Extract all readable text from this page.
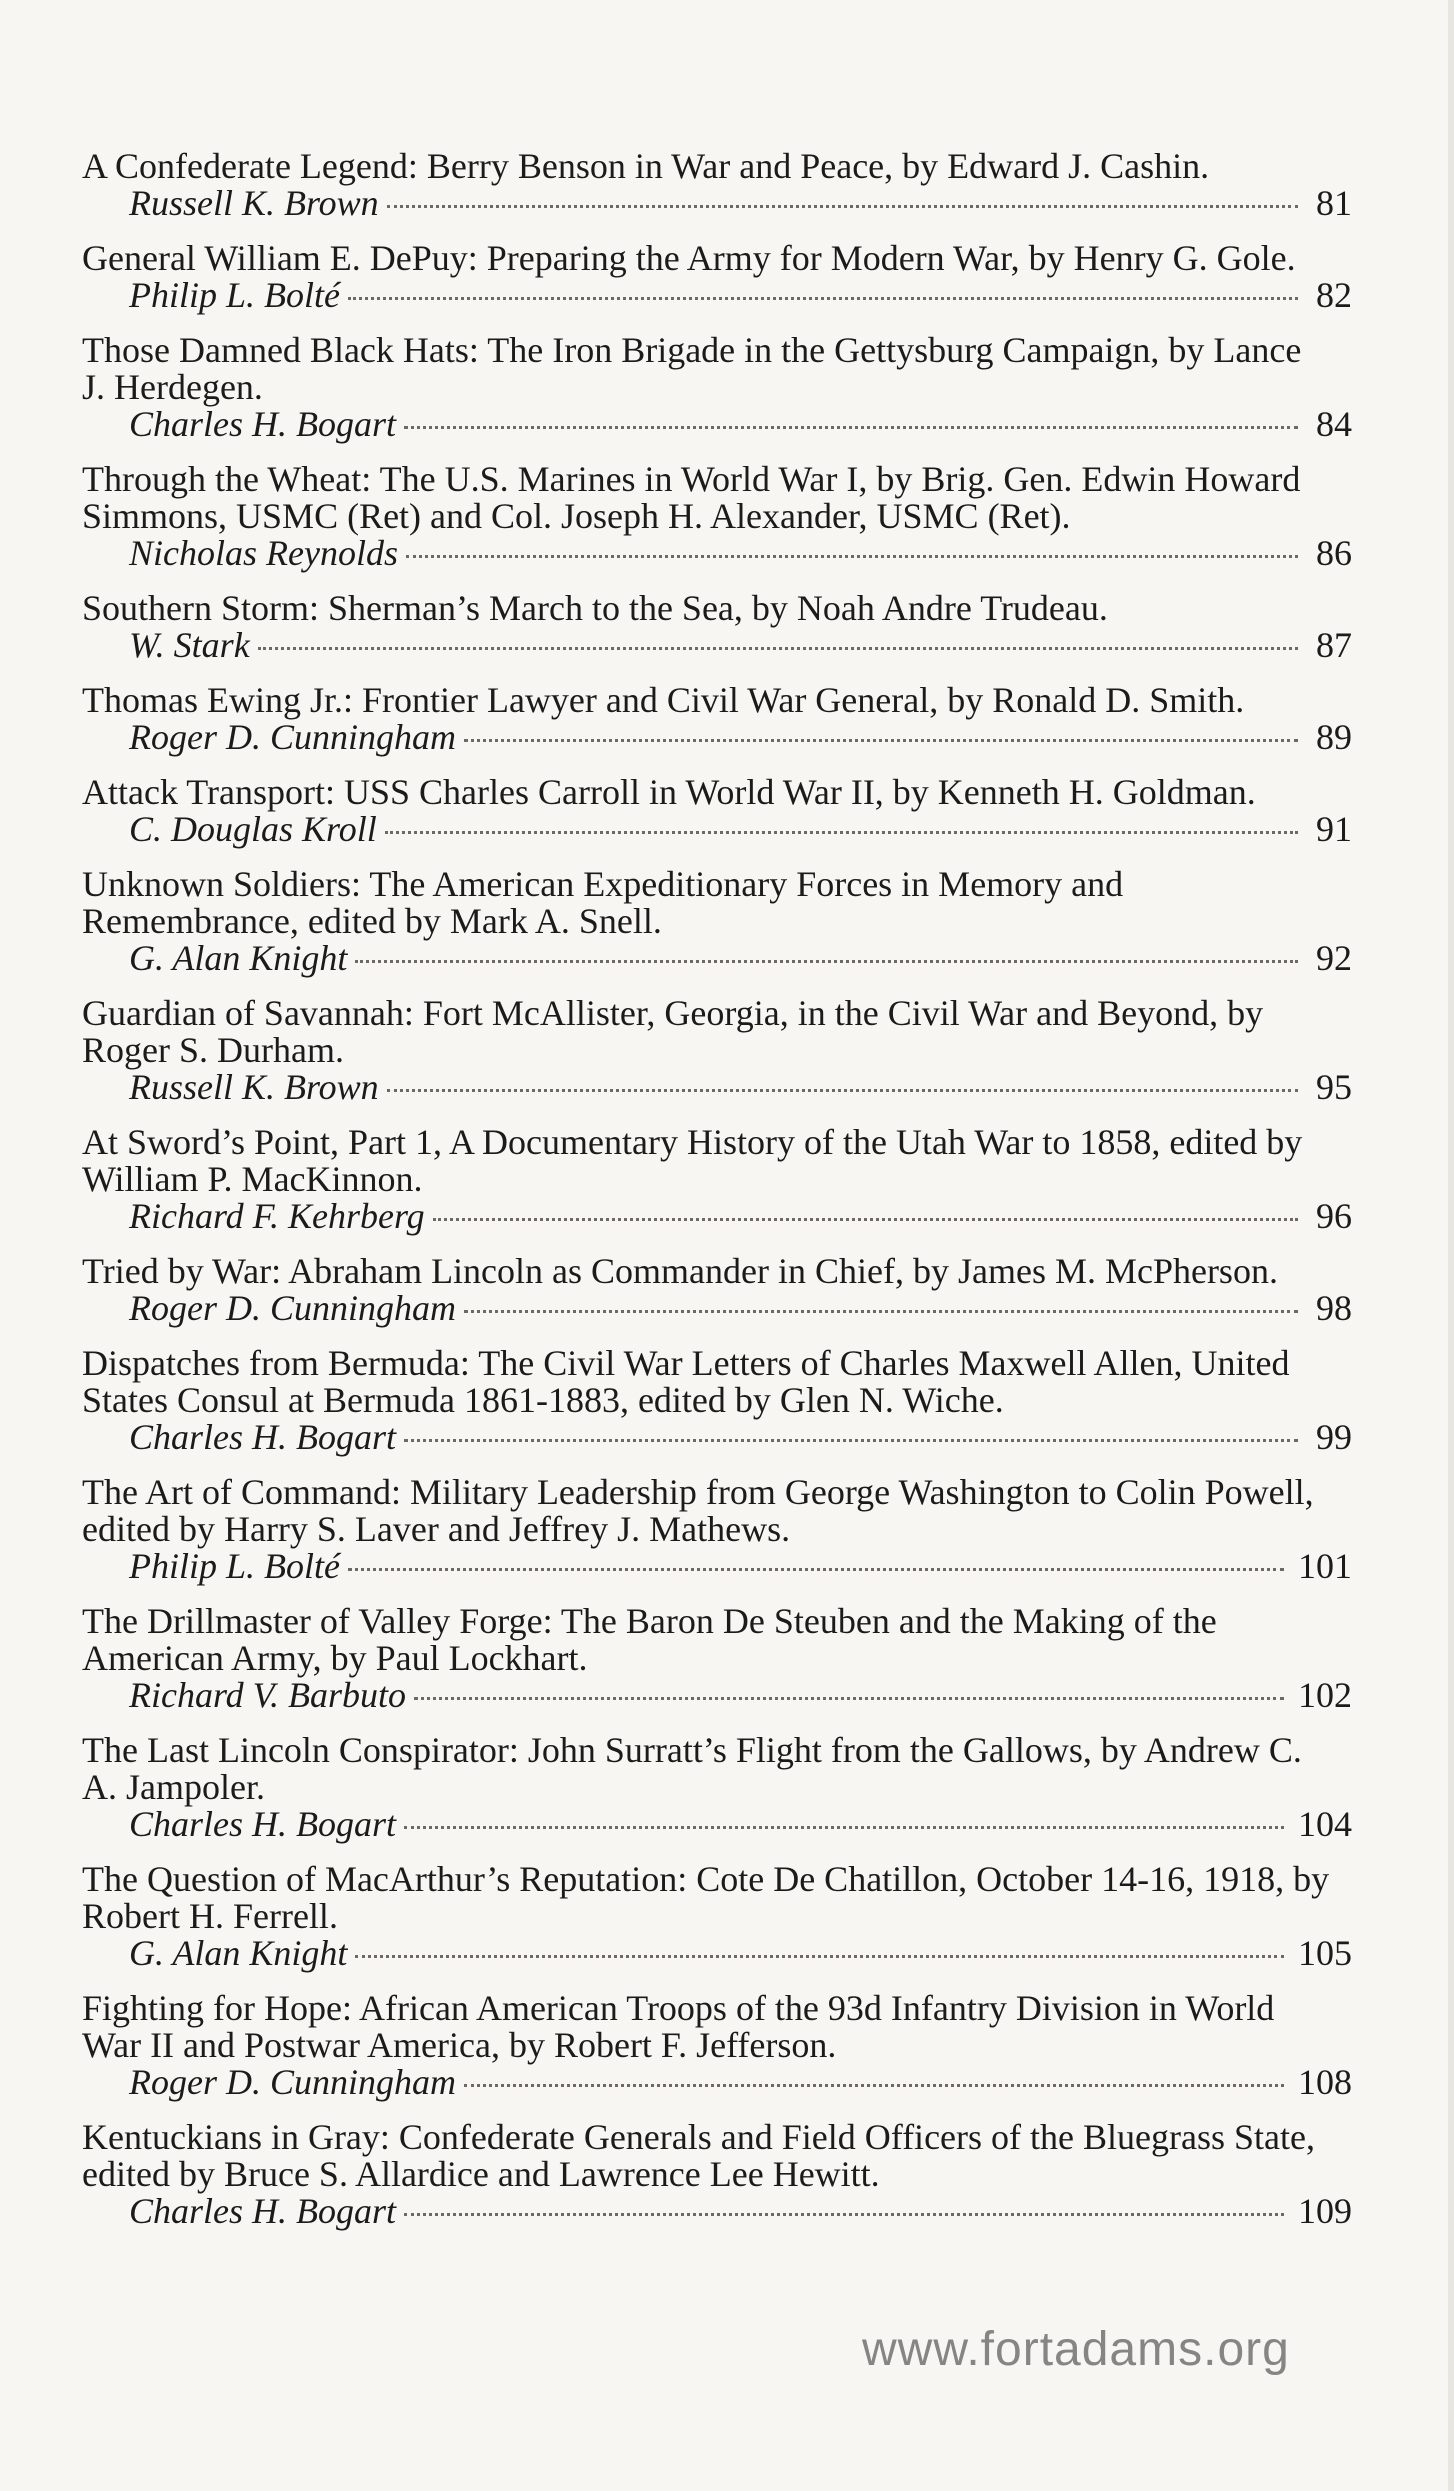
A Confederate Legend: Berry Benson in War and Peace, by Edward J. Cashin.
Russell K. Brown	81
General William E. DePuy: Preparing the Army for Modern War, by Henry G. Gole.
Philip L. Bolté	82
Those Damned Black Hats: The Iron Brigade in the Gettysburg Campaign, by Lance J. Herdegen.
Charles H. Bogart	84
Through the Wheat: The U.S. Marines in World War I, by Brig. Gen. Edwin Howard Simmons, USMC (Ret) and Col. Joseph H. Alexander, USMC (Ret).
Nicholas Reynolds	86
Southern Storm: Sherman’s March to the Sea, by Noah Andre Trudeau.
W. Stark	87
Thomas Ewing Jr.: Frontier Lawyer and Civil War General, by Ronald D. Smith.
Roger D. Cunningham	89
Attack Transport: USS Charles Carroll in World War II, by Kenneth H. Goldman.
C. Douglas Kroll	91
Unknown Soldiers: The American Expeditionary Forces in Memory and Remembrance, edited by Mark A. Snell.
G. Alan Knight	92
Guardian of Savannah: Fort McAllister, Georgia, in the Civil War and Beyond, by Roger S. Durham.
Russell K. Brown	95
At Sword’s Point, Part 1, A Documentary History of the Utah War to 1858, edited by William P. MacKinnon.
Richard F. Kehrberg	96
Tried by War: Abraham Lincoln as Commander in Chief, by James M. McPherson.
Roger D. Cunningham	98
Dispatches from Bermuda: The Civil War Letters of Charles Maxwell Allen, United States Consul at Bermuda 1861-1883, edited by Glen N. Wiche.
Charles H. Bogart	99
The Art of Command: Military Leadership from George Washington to Colin Powell, edited by Harry S. Laver and Jeffrey J. Mathews.
Philip L. Bolté	101
The Drillmaster of Valley Forge: The Baron De Steuben and the Making of the American Army, by Paul Lockhart.
Richard V. Barbuto	102
The Last Lincoln Conspirator: John Surratt’s Flight from the Gallows, by Andrew C. A. Jampoler.
Charles H. Bogart	104
The Question of MacArthur’s Reputation: Cote De Chatillon, October 14-16, 1918, by Robert H. Ferrell.
G. Alan Knight	105
Fighting for Hope: African American Troops of the 93d Infantry Division in World War II and Postwar America, by Robert F. Jefferson.
Roger D. Cunningham	108
Kentuckians in Gray: Confederate Generals and Field Officers of the Bluegrass State, edited by Bruce S. Allardice and Lawrence Lee Hewitt.
Charles H. Bogart	109
www.fortadams.org
